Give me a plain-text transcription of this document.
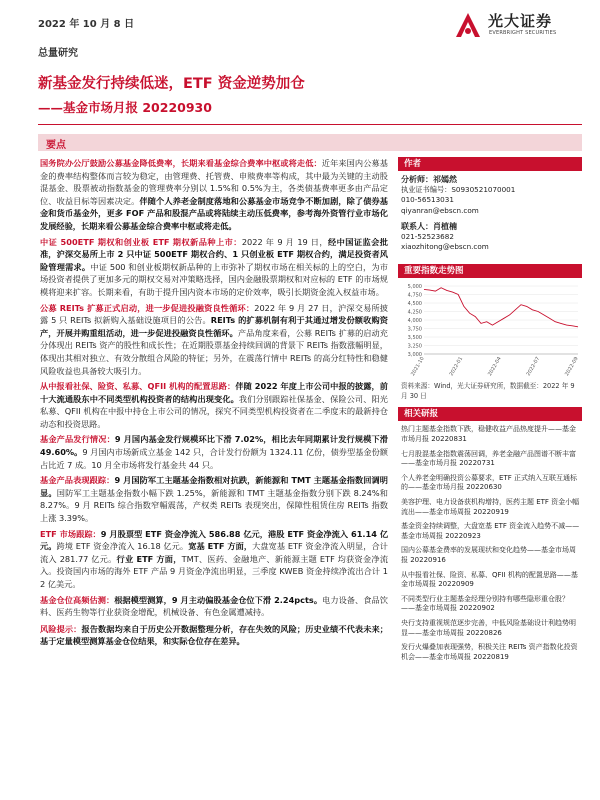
2022 年 10 月 8 日	光大证券
EVERBRIGHT SECURITIES
总量研究
新基金发行持续低迷，ETF 资金逆势加仓
——基金市场月报 20220930
要点

国务院办公厅鼓励公募基金降低费率，长期来看基金综合费率中枢或将走低：近年来国内公募基金的费率结构整体而言较为稳定，由管理费、托管费、申赎费率等构成，其中最为关键的主动股混基金、股票被动指数基金的管理费率分别以 1.5%和 0.5%为主，各类债基费率更多由产品定位、收益目标等因素决定。伴随个人养老金制度落地和公募基金市场竞争不断加剧，除了债券基金和货币基金外，更多 FOF 产品和股混产品或将陆续主动压低费率，参考海外资管行业市场化发展经验，长期来看公募基金综合费率中枢或将走低。

中证 500ETF 期权和创业板 ETF 期权新品种上市：2022 年 9 月 19 日，经中国证监会批准，沪深交易所上市 2 只中证 500ETF 期权合约、1 只创业板 ETF 期权合约，满足投资者风险管理需求。中证 500 和创业板期权新品种的上市弥补了期权市场在相关标的上的空白，为市场投资者提供了更加多元的期权交易对冲策略选择，国内金融股票期权和对应标的 ETF 的市场规模将迎来扩容。长期来看，有助于提升国内资本市场的定价效率，吸引长期资金流入权益市场。

公募 REITs 扩募正式启动，进一步促进投融资良性循环：2022 年 9 月 27 日，沪深交易所披露 5 只 REITs 拟新购入基础设施项目的公告。REITs 的扩募机制有利于其通过增发份额收购资产，开展并购重组活动，进一步促进投融资良性循环。产品角度来看，公募 REITs 扩募的启动充分体现出 REITs 资产的股性和成长性；在近期股票基金持续回调的背景下 REITs 指数涨幅明显，体现出其相对独立、有效分散组合风险的特征；另外，在震荡行情中 REITs 的高分红特性和稳健风险收益也具备较大吸引力。

从中报看社保、险资、私募、QFII 机构的配置思路：伴随 2022 年度上市公司中报的披露，前十大流通股东中不同类型机构投资者的结构出现变化。我们分别跟踪社保基金、保险公司、阳光私募、QFII 机构在中报中持仓上市公司的情况，探究不同类型机构投资者在二季度末的最新持仓动态和投资思路。

基金产品发行情况：9 月国内基金发行规模环比下滑 7.02%，相比去年同期累计发行规模下滑 49.60%。9 月国内市场新成立基金 142 只，合计发行份额为 1324.11 亿份，债券型基金份额占比近 7 成。10 月全市场将发行基金共 44 只。

基金产品表现跟踪：9 月国防军工主题基金指数相对抗跌，新能源和 TMT 主题基金指数回调明显。国防军工主题基金指数小幅下跌 1.25%，新能源和 TMT 主题基金指数分别下跌 8.24%和 8.27%。9 月 REITs 综合指数窄幅震荡，产权类 REITs 表现突出，保障性租赁住房 REITs 指数上涨 3.39%。

ETF 市场跟踪：9 月股票型 ETF 资金净流入 586.88 亿元，港股 ETF 资金净流入 61.14 亿元。跨境 ETF 资金净流入 16.18 亿元。宽基 ETF 方面，大盘宽基 ETF 资金净流入明显，合计流入 281.77 亿元。行业 ETF 方面，TMT、医药、金融地产、新能源主题 ETF 均获资金净流入。投资国内市场的海外 ETF 产品 9 月资金净流出明显，三季度 KWEB 资金持续净流出合计 12 亿美元。

基金仓位高频估测：根据模型测算，9 月主动偏股基金仓位下滑 2.24pcts。电力设备、食品饮料、医药生物等行业获资金增配，机械设备、有色金属遭减持。

风险提示：报告数据均来自于历史公开数据整理分析，存在失效的风险；历史业绩不代表未来；基于定量模型测算基金仓位结果，和实际仓位存在差异。

作者
分析师：祁嫣然
执业证书编号：S0930521070001
010-56513031
qiyanran@ebscn.com
联系人：肖植楠
021-52523682
xiaozhitong@ebscn.com
重要指数走势图
3,000
3,250
3,500
3,750
4,000
4,250
4,500
4,750
5,000
2021-10	2022-01	2022-04	2022-07	2022-09
资料来源：Wind，光大证券研究所，数据截至：2022 年 9 月 30 日
相关研报
热门主题基金指数下跌，稳健收益产品热度提升——基金市场月报 20220831
七月股混基金指数震荡回调，养老金融产品图谱不断丰富——基金市场月报 20220731
个人养老金明确投资公募要求，ETF 正式纳入互联互通标的——基金市场月报 20220630
美容护理、电力设备获机构增持，医药主题 ETF 资金小幅流出——基金市场周报 20220919
基金资金持续调整，大盘宽基 ETF 资金流入趋势不减——基金市场周报 20220923
国内公募基金费率的发展现状和变化趋势——基金市场周报 20220916
从中报看社保、险资、私募、QFII 机构的配置思路——基金市场周报 20220909
不同类型行业主题基金经理分别持有哪些隐形重仓股？——基金市场周报 20220902
央行支持重视规范逐步完善，中低风险基础设计利趋势明显——基金市场周报 20220826
发行火爆叠加表现强势，积极关注 REITs 资产指数化投资机会——基金市场周报 20220819
